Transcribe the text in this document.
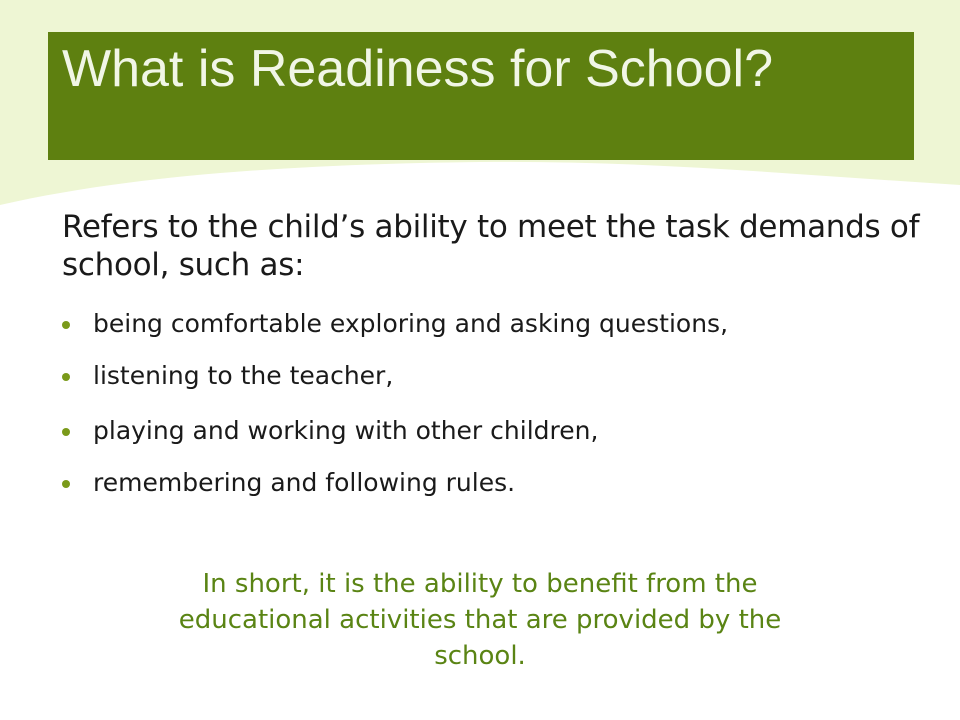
What is Readiness for School?

Refers to the child’s ability to meet the task demands of school, such as:

being comfortable exploring and asking questions,
listening to the teacher,
playing and working with other children,
remembering and following rules.

In short, it is the ability to benefit from the educational activities that are provided by the school.
